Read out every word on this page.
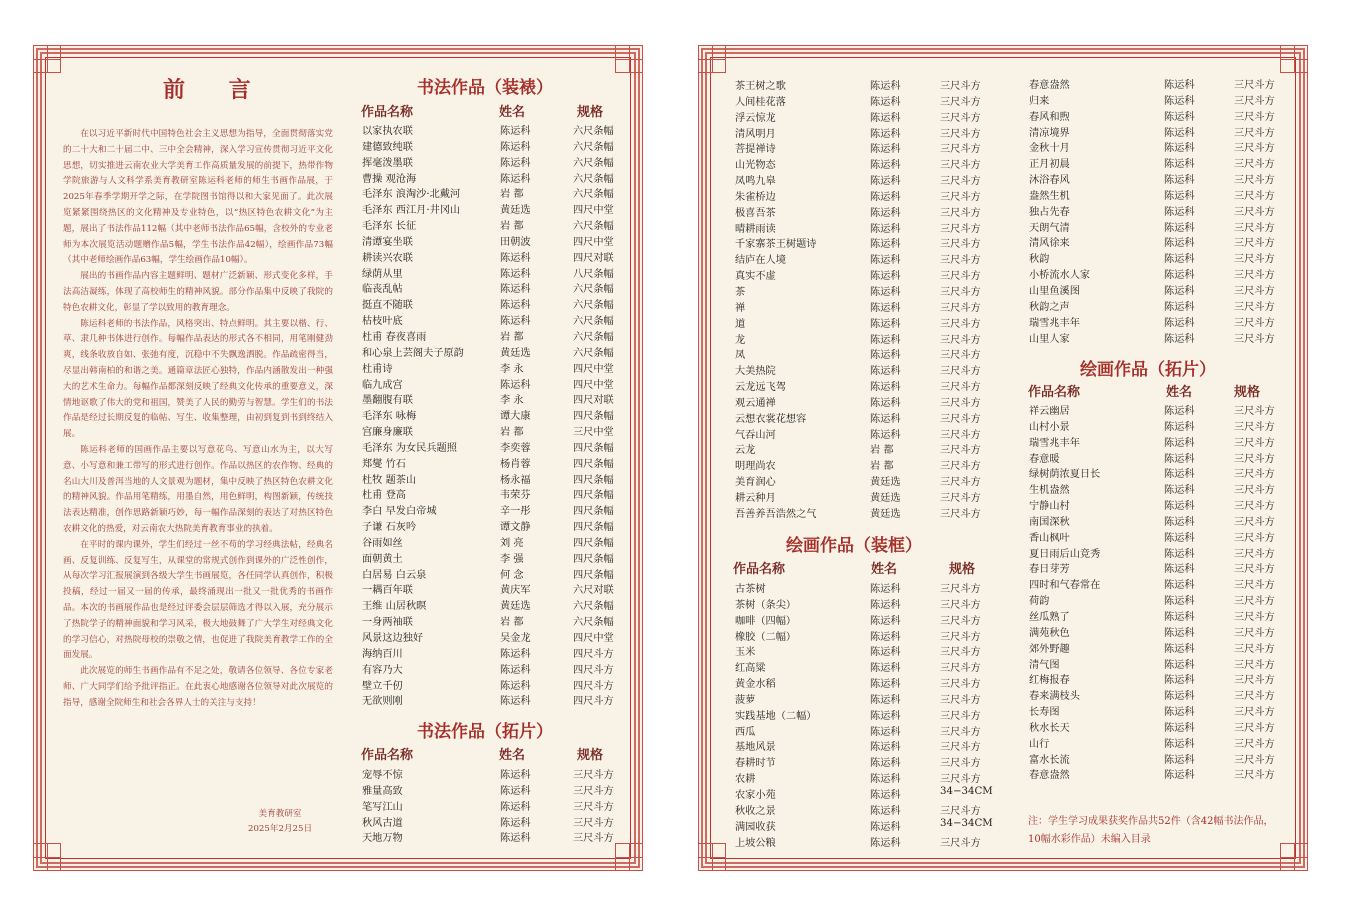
前 言

在以习近平新时代中国特色社会主义思想为指导，全面贯彻落实党的二十大和二十届二中、三中全会精神，深入学习宣传贯彻习近平文化思想，切实推进云南农业大学美育工作高质量发展的前提下，热带作物学院旅游与人文科学系美育教研室陈运科老师的师生书画作品展，于2025年春季学期开学之际，在学院图书馆得以和大家见面了。此次展览紧紧围绕热区的文化精神及专业特色，以“热区特色农耕文化”为主题，展出了书法作品112幅（其中老师书法作品65幅，含校外的专业老师为本次展览活动题赠作品5幅，学生书法作品42幅），绘画作品73幅（其中老师绘画作品63幅，学生绘画作品10幅）。

展出的书画作品内容主题鲜明、题材广泛新颖、形式变化多样，手法高洁凝练，体现了高校师生的精神风貌。部分作品集中反映了我院的特色农耕文化，彰显了学以致用的教育理念。

陈运科老师的书法作品，风格突出、特点鲜明。其主要以楷、行、草、隶几种书体进行创作。每幅作品表达的形式各不相同，用笔刚健劲爽，线条收放自如、张弛有度，沉稳中不失飘逸洒脱。作品疏密得当，尽显出韩南柏的和谐之美。通篇章法匠心独特，作品内涵散发出一种强大的艺术生命力。每幅作品都深刻反映了经典文化传承的重要意义，深情地讴歌了伟大的党和祖国，赞美了人民的勤劳与智慧。学生们的书法作品是经过长期反复的临帖、写生、收集整理，由初到复到书到终结入展。

陈运科老师的国画作品主要以写意花鸟、写意山水为主，以大写意、小写意和兼工带写的形式进行创作。作品以热区的农作物、经典的名山大川及普洱当地的人文景观为题材，集中反映了热区特色农耕文化的精神风貌。作品用笔精练，用墨自然，用色鲜明，构图新颖，传统技法表达精准，创作思路新颖巧妙，每一幅作品深刻的表达了对热区特色农耕文化的热爱，对云南农大热院美育教育事业的执着。

在平时的课内课外，学生们经过一丝不苟的学习经典法帖，经典名画、反复训练、反复写生，从课堂的常规式创作到课外的广泛性创作，从每次学习汇报展演到各级大学生书画展览，各任同学认真创作，积极投稿，经过一届又一届的传承，最终涌现出一批又一批优秀的书画作品。本次的书画展作品也是经过评委会层层筛选才得以入展，充分展示了热院学子的精神面貌和学习风采，极大地鼓舞了广大学生对经典文化的学习信心，对热院母校的崇敬之情，也促进了我院美育教学工作的全面发展。

此次展览的师生书画作品有不足之处，敬请各位领导、各位专家老师、广大同学们给予批评指正。在此衷心地感谢各位领导对此次展览的指导，感谢全院师生和社会各界人士的关注与支持！

美育教研室
2025年2月25日
书法作品（装裱）
作品名称	姓名	规格
以家执农联	陈运科	六尺条幅
建德致纯联	陈运科	六尺条幅
挥毫泼墨联	陈运科	六尺条幅
曹操 观沧海	陈运科	六尺条幅
毛泽东 浪淘沙·北戴河	岩 都	六尺条幅
毛泽东 西江月·井冈山	黄廷选	四尺中堂
毛泽东 长征	岩 都	六尺条幅
清谭宴坐联	田朝波	四尺中堂
耕读兴农联	陈运科	四尺对联
绿荫从里	陈运科	八尺条幅
临丧乱帖	陈运科	六尺条幅
挺直不随联	陈运科	六尺条幅
枯枝叶底	陈运科	六尺条幅
杜甫 春夜喜雨	岩 都	六尺条幅
和心泉上芸阁夫子原韵	黄廷选	六尺条幅
杜甫诗	李 永	四尺中堂
临九成宫	陈运科	四尺中堂
墨翻腹有联	李 永	四尺对联
毛泽东 咏梅	谭大康	四尺条幅
宫廉身廉联	岩 都	三尺中堂
毛泽东 为女民兵题照	李奕蓉	四尺条幅
郑燮 竹石	杨肖蓉	四尺条幅
杜牧 题茶山	杨永福	四尺条幅
杜甫 登高	韦荣芬	四尺条幅
李白 早发白帝城	辛一彤	四尺条幅
子谦 石灰吟	谭文静	四尺条幅
谷雨如丝	刘 亮	四尺条幅
面朝黄土	李 强	四尺条幅
白居易 白云泉	何 念	四尺条幅
一耦百年联	黄庆军	六尺对联
王维 山居秋暝	黄廷选	六尺条幅
一身两袖联	岩 都	六尺条幅
风景这边独好	吴金龙	四尺中堂
海纳百川	陈运科	四尺斗方
有容乃大	陈运科	四尺斗方
壁立千仞	陈运科	四尺斗方
无欲则刚	陈运科	四尺斗方
书法作品（拓片）
作品名称	姓名	规格
宠辱不惊	陈运科	三尺斗方
雅量高致	陈运科	三尺斗方
笔写江山	陈运科	三尺斗方
秋风古道	陈运科	三尺斗方
天地万物	陈运科	三尺斗方
茶王树之歌	陈运科	三尺斗方
人间桂花落	陈运科	三尺斗方
浮云惊龙	陈运科	三尺斗方
清风明月	陈运科	三尺斗方
菩提禅诗	陈运科	三尺斗方
山光物态	陈运科	三尺斗方
凤鸣九皋	陈运科	三尺斗方
朱雀桥边	陈运科	三尺斗方
极喜吾茶	陈运科	三尺斗方
晴耕雨读	陈运科	三尺斗方
千家寨茶王树题诗	陈运科	三尺斗方
结庐在人境	陈运科	三尺斗方
真实不虚	陈运科	三尺斗方
茶	陈运科	三尺斗方
禅	陈运科	三尺斗方
道	陈运科	三尺斗方
龙	陈运科	三尺斗方
凤	陈运科	三尺斗方
大美热院	陈运科	三尺斗方
云龙远飞驾	陈运科	三尺斗方
观云通禅	陈运科	三尺斗方
云想衣裳花想容	陈运科	三尺斗方
气吞山河	陈运科	三尺斗方
云龙	岩 都	三尺斗方
明理尚农	岩 都	三尺斗方
美育润心	黄廷选	三尺斗方
耕云种月	黄廷选	三尺斗方
吾善养吾浩然之气	黄廷选	三尺斗方
绘画作品（装框）
作品名称	姓名	规格
古茶树	陈运科	三尺斗方
茶树（条尖）	陈运科	三尺斗方
咖啡（四幅）	陈运科	三尺斗方
橡胶（二幅）	陈运科	三尺斗方
玉米	陈运科	三尺斗方
红高粱	陈运科	三尺斗方
黄金水稻	陈运科	三尺斗方
菠萝	陈运科	三尺斗方
实践基地（二幅）	陈运科	三尺斗方
西瓜	陈运科	三尺斗方
基地风景	陈运科	三尺斗方
春耕时节	陈运科	三尺斗方
农耕	陈运科	三尺斗方
农家小苑	陈运科	34−34CM
秋收之景	陈运科	三尺斗方
满园收获	陈运科	34−34CM
上坡公粮	陈运科	三尺斗方
春意盎然	陈运科	三尺斗方
归来	陈运科	三尺斗方
春风和煦	陈运科	三尺斗方
清凉境界	陈运科	三尺斗方
金秋十月	陈运科	三尺斗方
正月初晨	陈运科	三尺斗方
沐浴春风	陈运科	三尺斗方
盎然生机	陈运科	三尺斗方
独占先春	陈运科	三尺斗方
天朗气清	陈运科	三尺斗方
清风徐来	陈运科	三尺斗方
秋韵	陈运科	三尺斗方
小桥流水人家	陈运科	三尺斗方
山里鱼溪图	陈运科	三尺斗方
秋韵之声	陈运科	三尺斗方
瑞雪兆丰年	陈运科	三尺斗方
山里人家	陈运科	三尺斗方
绘画作品（拓片）
作品名称	姓名	规格
祥云幽居	陈运科	三尺斗方
山村小景	陈运科	三尺斗方
瑞雪兆丰年	陈运科	三尺斗方
春意暖	陈运科	三尺斗方
绿树荫浓夏日长	陈运科	三尺斗方
生机盎然	陈运科	三尺斗方
宁静山村	陈运科	三尺斗方
南国深秋	陈运科	三尺斗方
香山枫叶	陈运科	三尺斗方
夏日雨后山竞秀	陈运科	三尺斗方
春日芽芳	陈运科	三尺斗方
四时和气春常在	陈运科	三尺斗方
荷韵	陈运科	三尺斗方
丝瓜熟了	陈运科	三尺斗方
满苑秋色	陈运科	三尺斗方
郊外野趣	陈运科	三尺斗方
清气图	陈运科	三尺斗方
红梅报春	陈运科	三尺斗方
春来满枝头	陈运科	三尺斗方
长寿图	陈运科	三尺斗方
秋水长天	陈运科	三尺斗方
山行	陈运科	三尺斗方
富水长流	陈运科	三尺斗方
春意盎然	陈运科	三尺斗方
注：学生学习成果获奖作品共52件（含42幅书法作品，10幅水彩作品）未编入目录
